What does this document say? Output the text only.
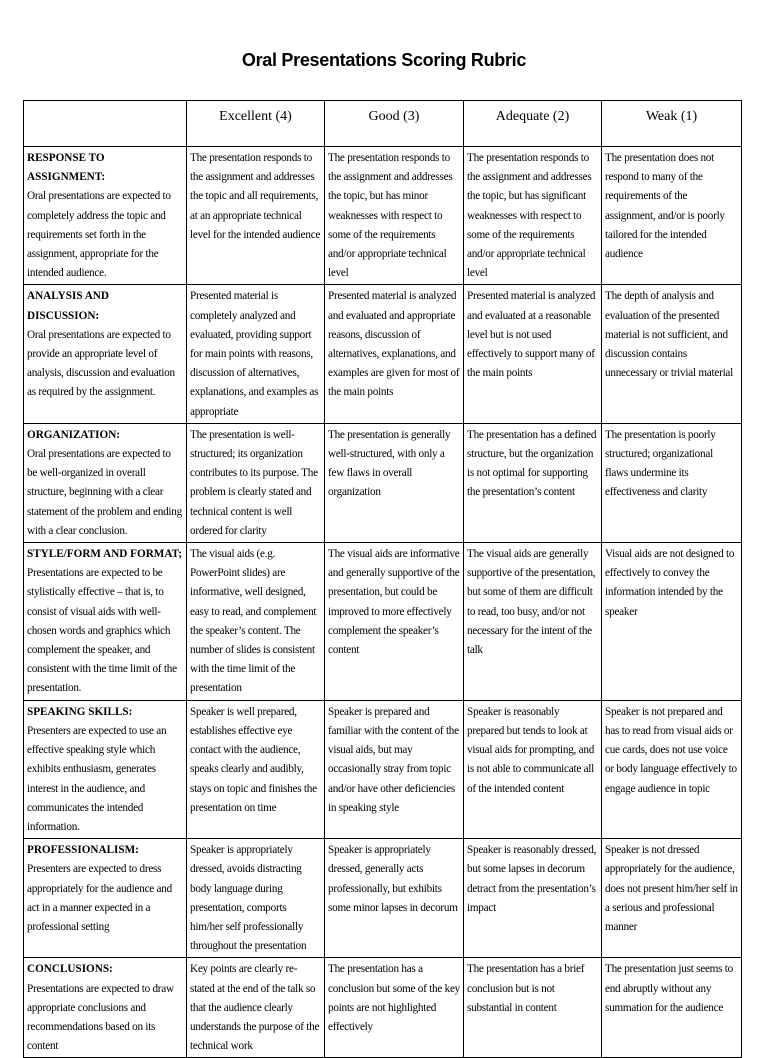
Oral Presentations Scoring Rubric
	Excellent (4)	Good (3)	Adequate (2)	Weak (1)

RESPONSE TO ASSIGNMENT:
Oral presentations are expected to completely address the topic and requirements set forth in the assignment, appropriate for the intended audience.	The presentation responds to the assignment and addresses the topic and all requirements, at an appropriate technical level for the intended audience	The presentation responds to the assignment and addresses the topic, but has minor weaknesses with respect to some of the requirements and/or appropriate technical level	The presentation responds to the assignment and addresses the topic, but has significant weaknesses with respect to some of the requirements and/or appropriate technical level	The presentation does not respond to many of the requirements of the assignment, and/or is poorly tailored for the intended audience

ANALYSIS AND DISCUSSION:
Oral presentations are expected to provide an appropriate level of analysis, discussion and evaluation as required by the assignment.	Presented material is completely analyzed and evaluated, providing support for main points with reasons, discussion of alternatives, explanations, and examples as appropriate	Presented material is analyzed and evaluated and appropriate reasons, discussion of alternatives, explanations, and examples are given for most of the main points	Presented material is analyzed and evaluated at a reasonable level but is not used effectively to support many of the main points	The depth of analysis and evaluation of the presented material is not sufficient, and discussion contains unnecessary or trivial material

ORGANIZATION:
Oral presentations are expected to be well-organized in overall structure, beginning with a clear statement of the problem and ending with a clear conclusion.	The presentation is well-structured; its organization contributes to its purpose. The problem is clearly stated and technical content is well ordered for clarity	The presentation is generally well-structured, with only a few flaws in overall organization	The presentation has a defined structure, but the organization is not optimal for supporting the presentation’s content	The presentation is poorly structured; organizational flaws undermine its effectiveness and clarity

STYLE/FORM AND FORMAT;
Presentations are expected to be stylistically effective – that is, to consist of visual aids with well-chosen words and graphics which complement the speaker, and consistent with the time limit of the presentation.	The visual aids (e.g. PowerPoint slides) are informative, well designed, easy to read, and complement the speaker’s content. The number of slides is consistent with the time limit of the presentation	The visual aids are informative and generally supportive of the presentation, but could be improved to more effectively complement the speaker’s content	The visual aids are generally supportive of the presentation, but some of them are difficult to read, too busy, and/or not necessary for the intent of the talk	Visual aids are not designed to effectively to convey the information intended by the speaker

SPEAKING SKILLS:
Presenters are expected to use an effective speaking style which exhibits enthusiasm, generates interest in the audience, and communicates the intended information.	Speaker is well prepared, establishes effective eye contact with the audience, speaks clearly and audibly, stays on topic and finishes the presentation on time	Speaker is prepared and familiar with the content of the visual aids, but may occasionally stray from topic and/or have other deficiencies in speaking style	Speaker is reasonably prepared but tends to look at visual aids for prompting, and is not able to communicate all of the intended content	Speaker is not prepared and has to read from visual aids or cue cards, does not use voice or body language effectively to engage audience in topic

PROFESSIONALISM:
Presenters are expected to dress appropriately for the audience and act in a manner expected in a professional setting	Speaker is appropriately dressed, avoids distracting body language during presentation, comports him/her self professionally throughout the presentation	Speaker is appropriately dressed, generally acts professionally, but exhibits some minor lapses in decorum	Speaker is reasonably dressed, but some lapses in decorum detract from the presentation’s impact	Speaker is not dressed appropriately for the audience, does not present him/her self in a serious and professional manner

CONCLUSIONS:
Presentations are expected to draw appropriate conclusions and recommendations based on its content	Key points are clearly re-stated at the end of the talk so that the audience clearly understands the purpose of the technical work	The presentation has a conclusion but some of the key points are not highlighted effectively	The presentation has a brief conclusion but is not substantial in content	The presentation just seems to end abruptly without any summation for the audience
